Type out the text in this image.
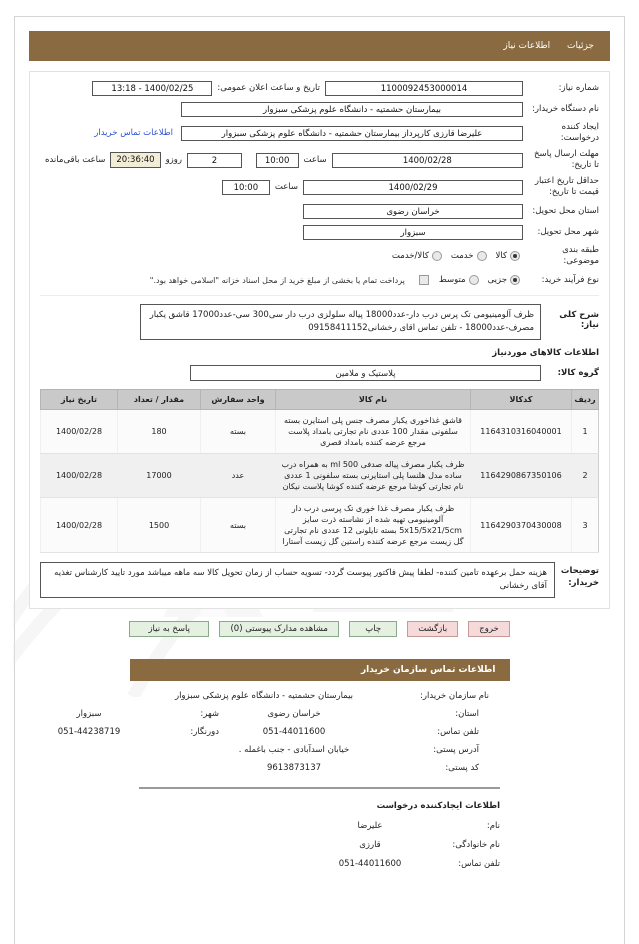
جزئیات اطلاعات نیاز
شماره نیاز:
1100092453000014
تاریخ و ساعت اعلان عمومی:
1400/02/25 - 13:18
نام دستگاه خریدار:
بیمارستان حشمتیه - دانشگاه علوم پزشکی سبزوار
ایجاد کننده درخواست:
علیرضا قارزی کارپرداز بیمارستان حشمتیه - دانشگاه علوم پزشکی سبزوار
اطلاعات تماس خریدار
مهلت ارسال پاسخ تا تاریخ:
1400/02/28
ساعت
10:00
2
روزو
20:36:40
ساعت باقی‌مانده
حداقل تاریخ اعتبار قیمت تا تاریخ:
1400/02/29
ساعت
10:00
استان محل تحویل:
خراسان رضوی
شهر محل تحویل:
سبزوار
طبقه بندی موضوعی:
کالا
خدمت
کالا/خدمت
نوع فرآیند خرید:
جزیی
متوسط
پرداخت تمام یا بخشی از مبلغ خرید از محل اسناد خزانه "اسلامی خواهد بود."
شرح کلی نیاز:
ظرف آلومینیومی تک پرس درب دار-عدد18000 پیاله سلولزی درب دار سی300 سی-عدد17000 قاشق یکبار مصرف-عدد18000 - تلفن تماس اقای رخشانی09158411152
اطلاعات کالاهای موردنیاز
گروه کالا:
پلاستیک و ملامین
ردیف	کدکالا	نام کالا	واحد سفارش	مقدار / تعداد	تاریخ نیاز
1	1164310316040001	قاشق غذاخوری یکبار مصرف جنس پلی استایرن بسته سلفونی مقدار 100 عددی نام تجارتی بامداد پلاست مرجع عرضه کننده بامداد قصری	بسته	180	1400/02/28
2	1164290867350106	ظرف یکبار مصرف پیاله صدفی 500 ml به همراه درب ساده مدل هلنسا پلی استایرنی بسته سلفونی 1 عددی نام تجارتی کوشا مرجع عرضه کننده کوشا پلاست نیکان	عدد	17000	1400/02/28
3	1164290370430008	ظرف یکبار مصرف غذا خوری تک پرسی درب دار آلومینیومی تهیه شده از نشاسته ذرت سایز 5x15/5x21/5cm بسته نایلونی 12 عددی نام تجارتی گل زیست مرجع عرضه کننده راستین گل زیست آستارا	بسته	1500	1400/02/28
توضیحات خریدار:
هزینه حمل برعهده تامین کننده- لطفا پیش فاکتور پیوست گردد- تسویه حساب از زمان تحویل کالا سه ماهه میباشد مورد تایید کارشناس تغذیه آقای رخشانی
خروج
بازگشت
چاپ
مشاهده مدارک پیوستی (0)
پاسخ به نیاز
اطلاعات تماس سازمان خریدار
نام سازمان خریدار:
بیمارستان حشمتیه - دانشگاه علوم پزشکی سبزوار
استان:
خراسان رضوی
شهر:
سبزوار
تلفن تماس:
051-44011600
دورنگار:
051-44238719
آدرس پستی:
خیابان اسدآبادی - جنب باغمله .
کد پستی:
9613873137
اطلاعات ایجادکننده درخواست
نام:
علیرضا
نام خانوادگی:
قارزی
تلفن تماس:
051-44011600
